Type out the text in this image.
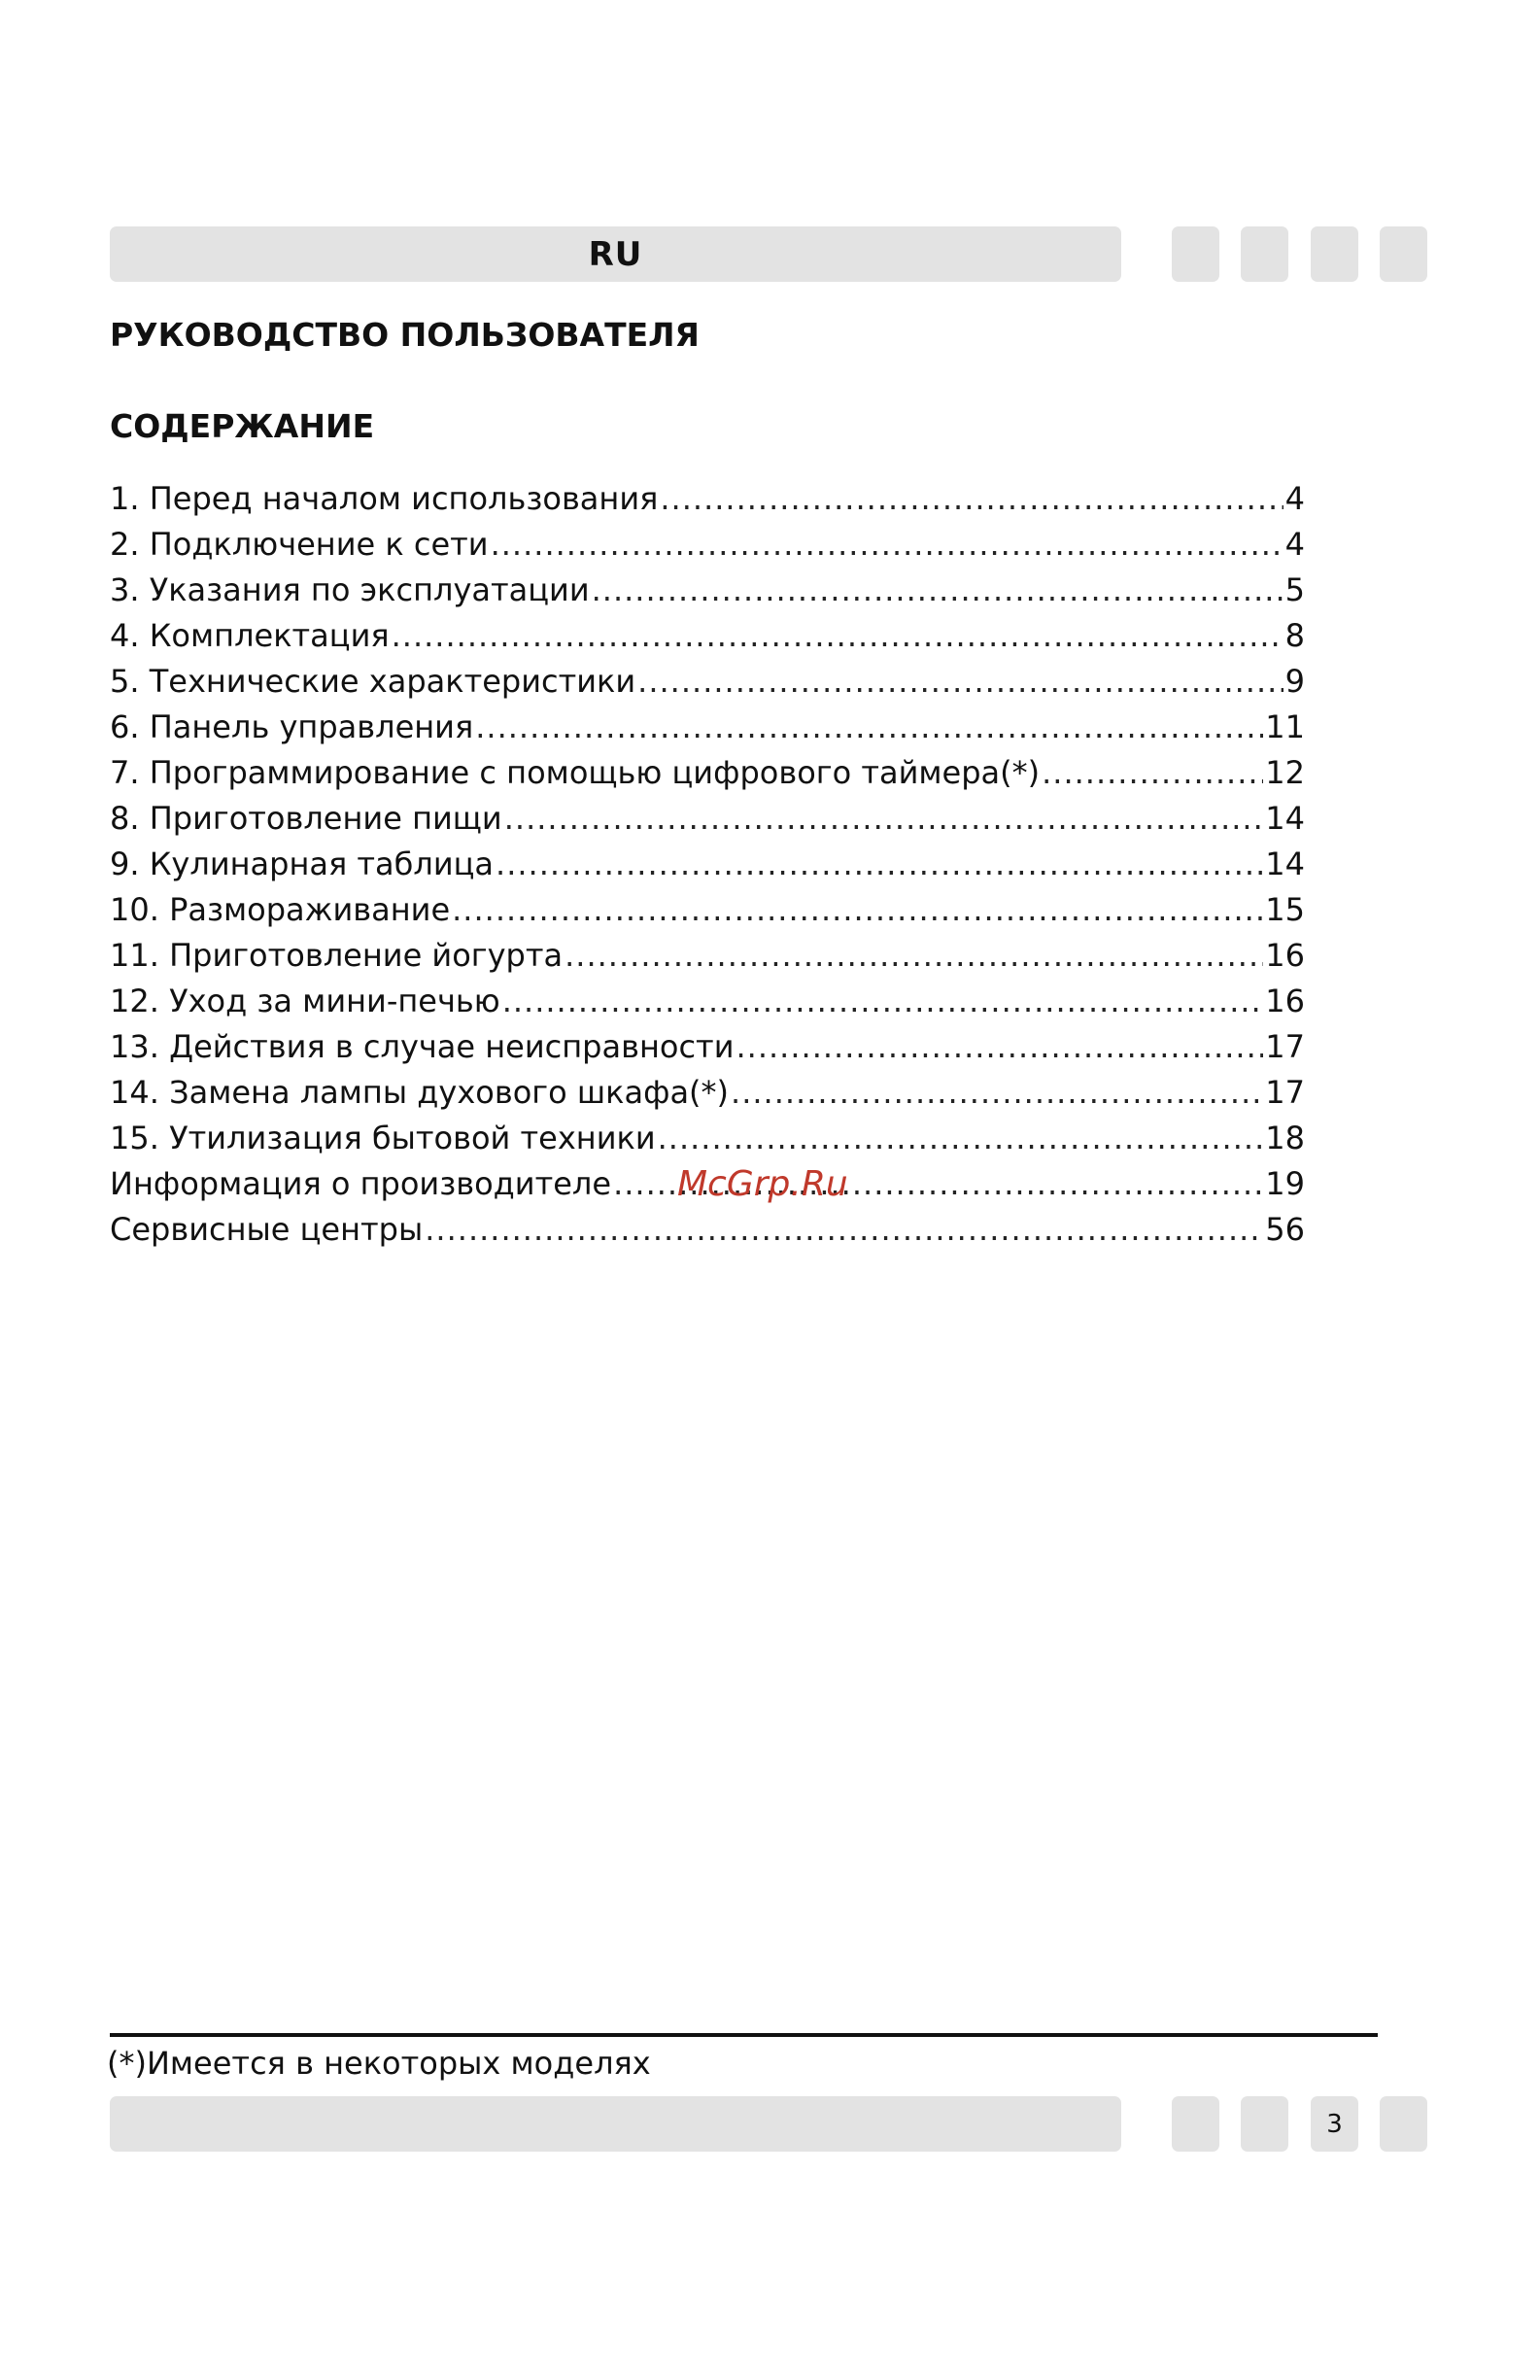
RU
РУКОВОДСТВО ПОЛЬЗОВАТЕЛЯ
СОДЕРЖАНИЕ
1. Перед началом использования .....	4
2. Подключение к сети .....	4
3. Указания по эксплуатации .....	5
4. Комплектация .....	8
5. Технические характеристики .....	9
6. Панель управления .....	11
7. Программирование с помощью цифрового таймера(*) .....	12
8. Приготовление пищи .....	14
9. Кулинарная таблица .....	14
10. Размораживание .....	15
11. Приготовление йогурта .....	16
12. Уход за мини-печью .....	16
13. Действия в случае неисправности .....	17
14. Замена лампы духового шкафа(*) .....	17
15. Утилизация бытовой техники .....	18
Информация о производителе .....	19
Сервисные центры .....	56
McGrp.Ru
(*)Имеется в некоторых моделях
3
